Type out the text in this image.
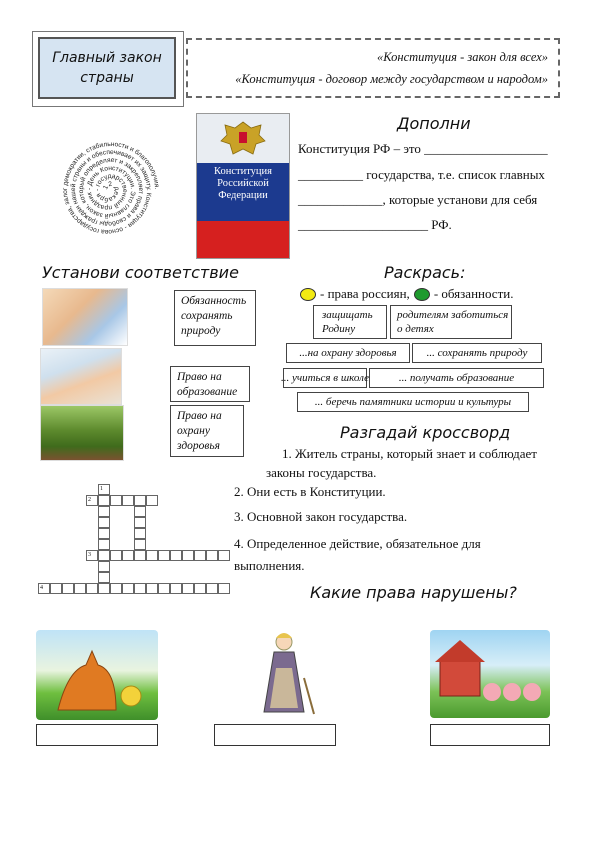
Главный закон страны
«Конституция - закон для всех»
«Конституция - договор между государством и народом»
12 декабря - государственный праздник - День Конституции. Это главный закон, который определяет и закрепляет права и свободы граждан нашей страны и обеспечивает их защиту. Конституция - основа государства, залог демократии, стабильности и благополучия.
Конституция
Российской
Федерации
Дополни
Конституция РФ – это ___________________
__________ государства, т.е. список главных
_____________, которые установи для себя
____________________ РФ.
Установи соответствие
Обязанность сохранять природу
Право на образование
Право на охрану здоровья
Раскрась:
- права россиян, - обязанности.
защищать Родину
родителям заботиться о детях
...на охрану здоровья	... сохранять природу
... учиться в школе	... получать образование
... беречь памятники истории и культуры
Разгадай кроссворд
1. Житель страны, который знает и соблюдает законы государства.
2. Они есть в Конституции.
3. Основной закон государства.
4. Определенное действие, обязательное для выполнения.
1
2
3
4	Какие права нарушены?
